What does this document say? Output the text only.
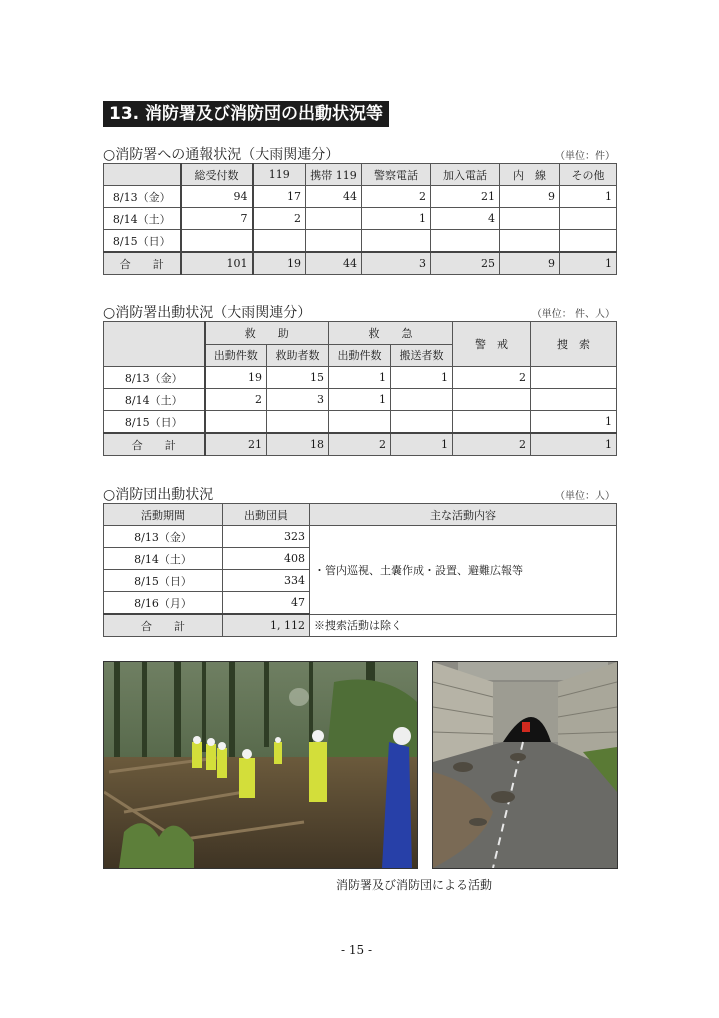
13. 消防署及び消防団の出動状況等
○消防署への通報状況（大雨関連分）	（単位：件）
	総受付数	119	携帯 119	警察電話	加入電話	内　線	その他
8/13（金）	94	17	44	2	21	9	1
8/14（土）	7	2		1	4		
8/15（日）							
合　　計	101	19	44	3	25	9	1
○消防署出動状況（大雨関連分）	（単位： 件、人）
	救　　助		救　　急		警　戒	捜　索
	出動件数	救助者数	出動件数	搬送者数		
8/13（金）	19	15	1	1	2	
8/14（土）	2	3	1			
8/15（日）						1
合　　計	21	18	2	1	2	1
○消防団出動状況	（単位：人）
活動期間	出動団員	主な活動内容
8/13（金）	323	・管内巡視、土嚢作成・設置、避難広報等
8/14（土）	408	
8/15（日）	334	
8/16（月）	47	
合　　計	1, 112	※捜索活動は除く
消防署及び消防団による活動
- 15 -
